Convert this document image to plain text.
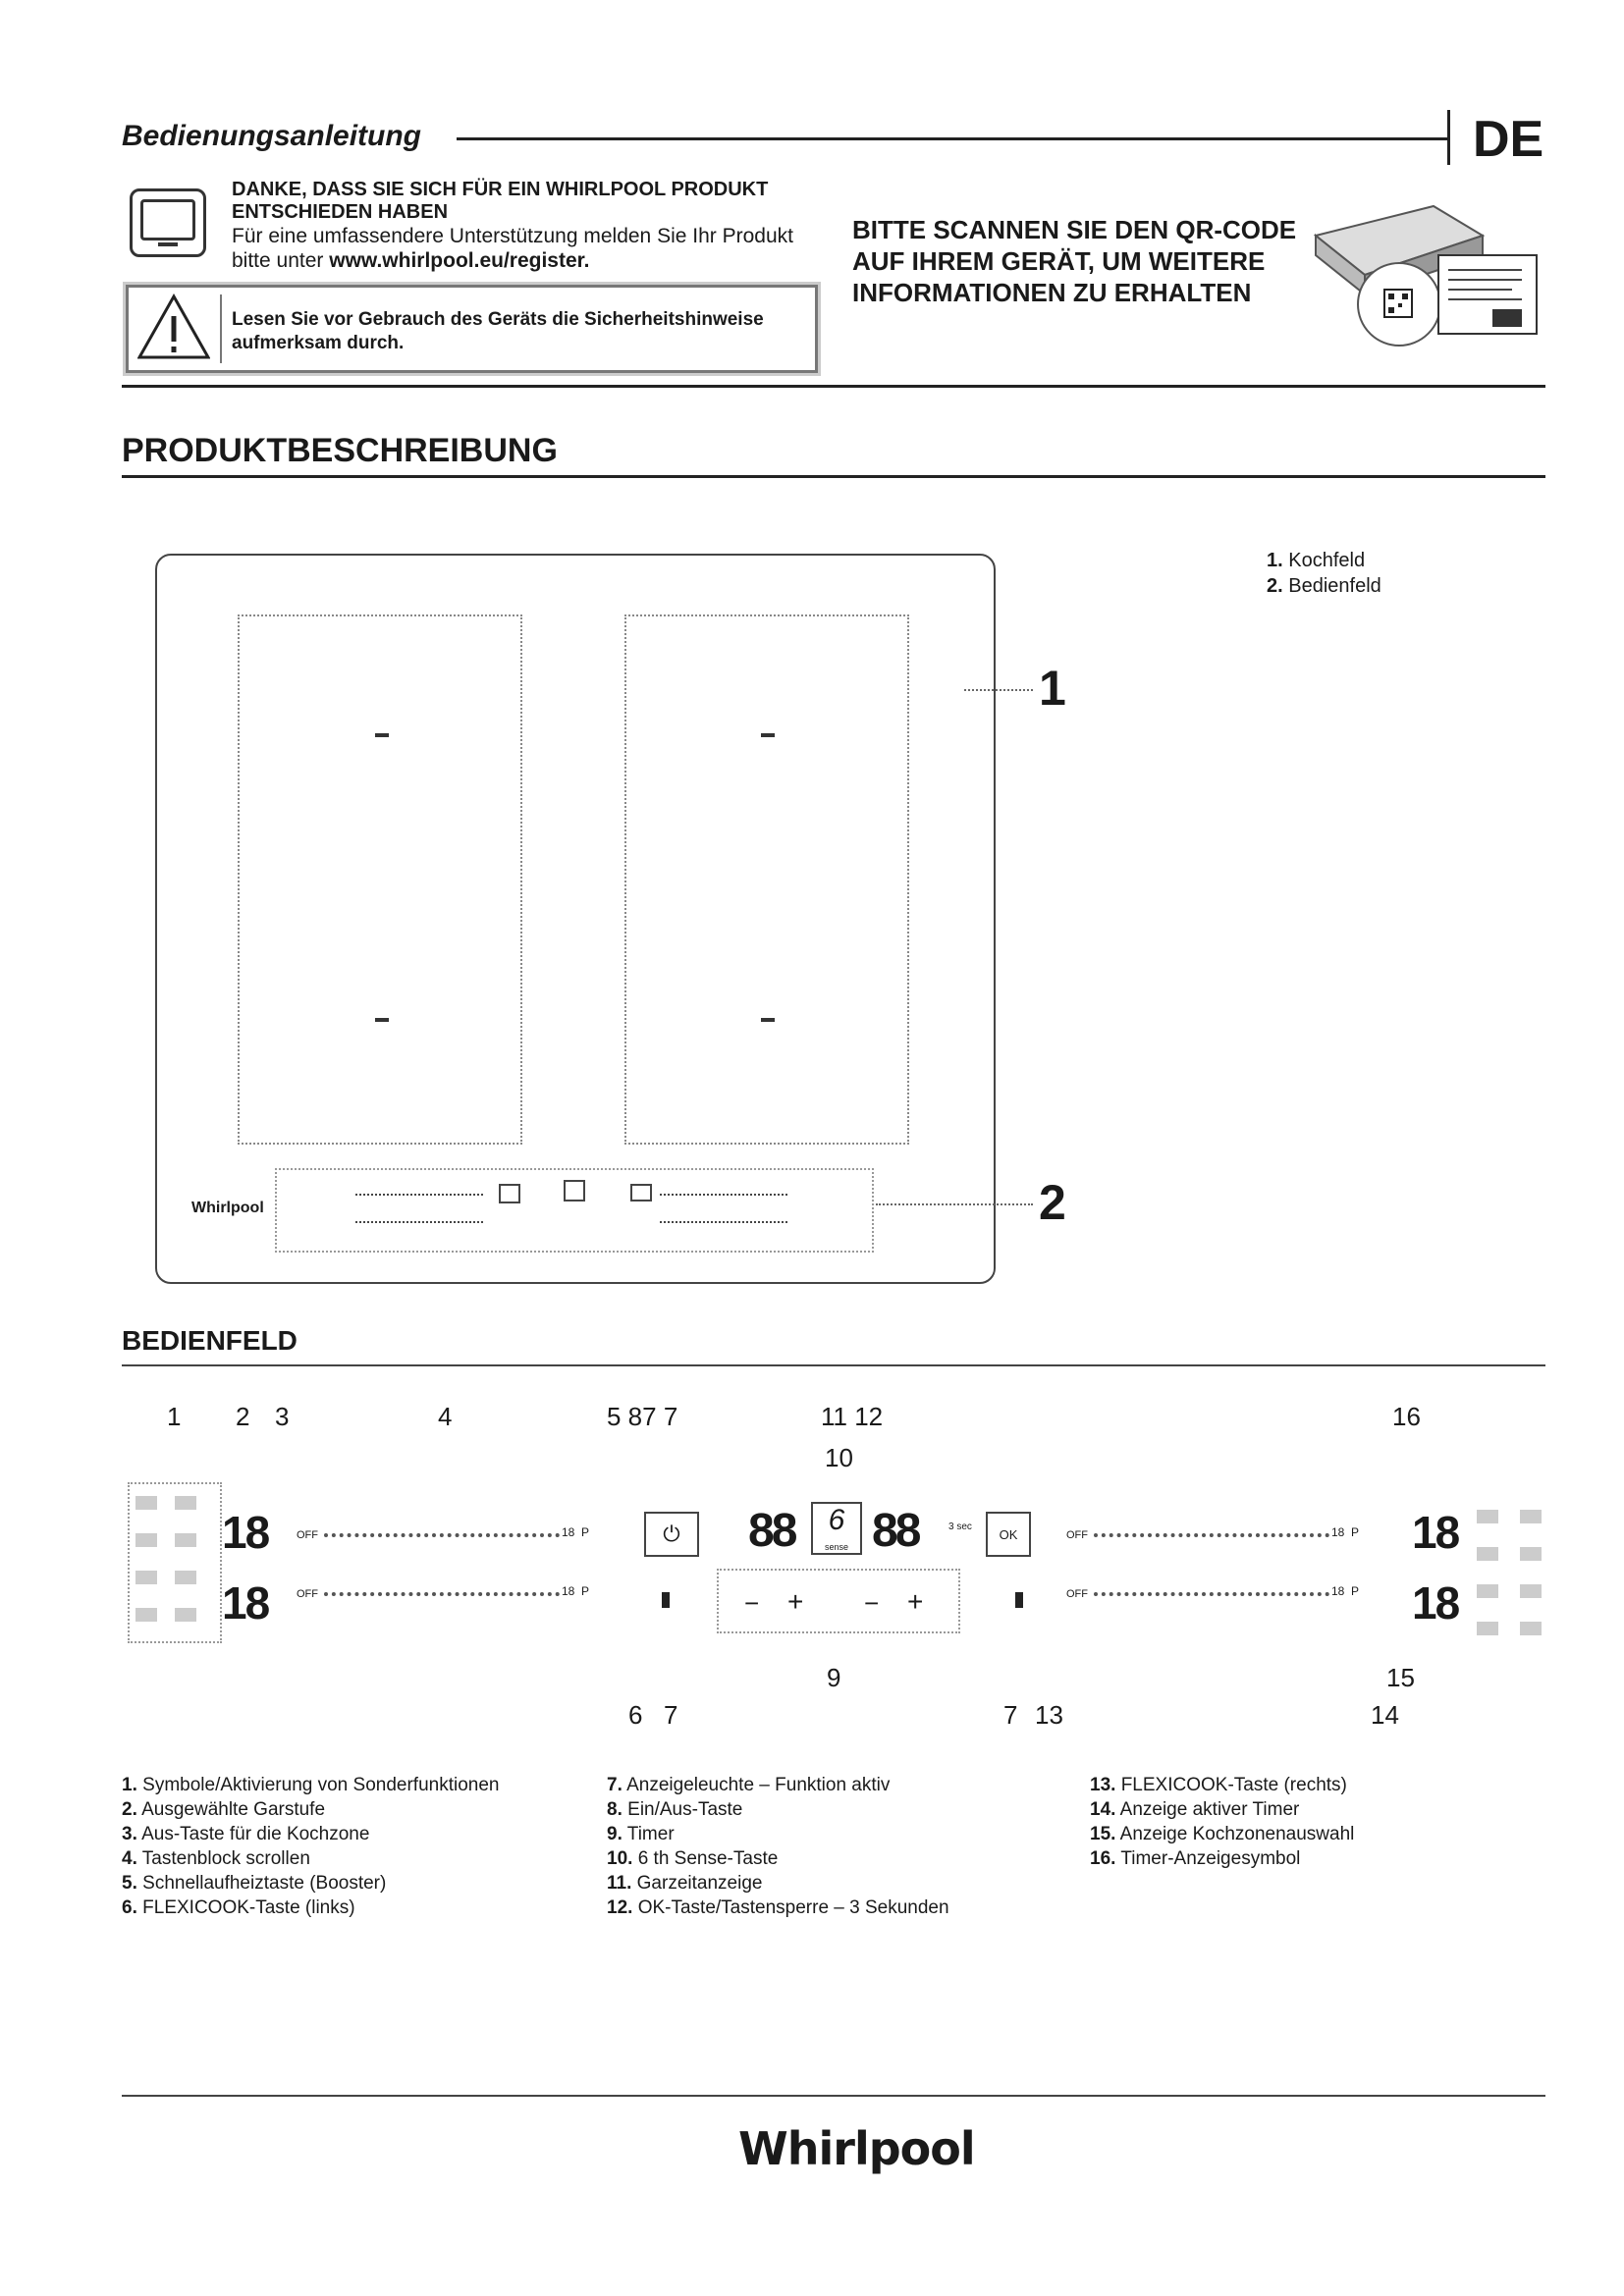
Bedienungsanleitung	DE
DANKE, DASS SIE SICH FÜR EIN WHIRLPOOL PRODUKT ENTSCHIEDEN HABEN
Für eine umfassendere Unterstützung melden Sie Ihr Produkt bitte unter www.whirlpool.eu/register.
Lesen Sie vor Gebrauch des Geräts die Sicherheitshinweise aufmerksam durch.
BITTE SCANNEN SIE DEN QR-CODE AUF IHREM GERÄT, UM WEITERE INFORMATIONEN ZU ERHALTEN
PRODUKTBESCHREIBUNG
1. Kochfeld
2. Bedienfeld
Whirlpool
1
2
BEDIENFELD
1 2 3	4	5 87 7	11 12
10
16
18
18
OFF	18 P
OFF	18 P
⏻ 88	6
sense 88	3 sec	OK
− + − +
OFF	18 P
OFF	18 P
18
18
9
6 7	7 13
15
14
1. Symbole/Aktivierung von Sonderfunktionen
2. Ausgewählte Garstufe
3. Aus-Taste für die Kochzone
4. Tastenblock scrollen
5. Schnellaufheiztaste (Booster)
6. FLEXICOOK-Taste (links)
7. Anzeigeleuchte – Funktion aktiv
8. Ein/Aus-Taste
9. Timer
10. 6 th Sense-Taste
11. Garzeitanzeige
12. OK-Taste/Tastensperre – 3 Sekunden
13. FLEXICOOK-Taste (rechts)
14. Anzeige aktiver Timer
15. Anzeige Kochzonenauswahl
16. Timer-Anzeigesymbol
Whirlpool
